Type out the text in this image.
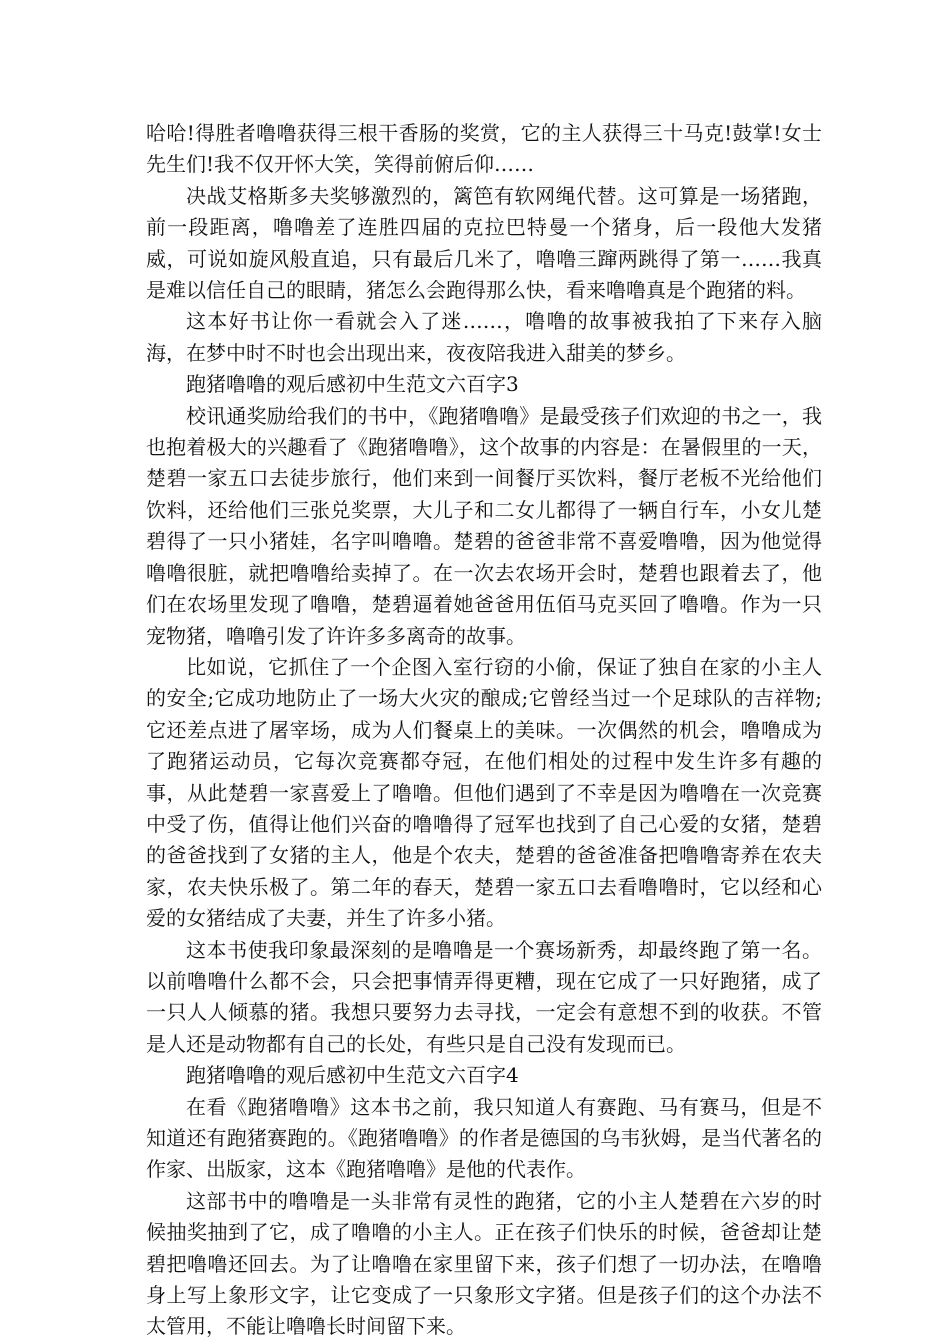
哈哈!得胜者噜噜获得三根干香肠的奖赏，它的主人获得三十马克!鼓掌!女士先生们!我不仅开怀大笑，笑得前俯后仰……

决战艾格斯多夫奖够激烈的，篱笆有软网绳代替。这可算是一场猪跑，前一段距离，噜噜差了连胜四届的克拉巴特曼一个猪身，后一段他大发猪威，可说如旋风般直追，只有最后几米了，噜噜三蹿两跳得了第一……我真是难以信任自己的眼睛，猪怎么会跑得那么快，看来噜噜真是个跑猪的料。

这本好书让你一看就会入了迷……，噜噜的故事被我拍了下来存入脑海，在梦中时不时也会出现出来，夜夜陪我进入甜美的梦乡。

跑猪噜噜的观后感初中生范文六百字3

校讯通奖励给我们的书中，《跑猪噜噜》是最受孩子们欢迎的书之一，我也抱着极大的兴趣看了《跑猪噜噜》，这个故事的内容是：在暑假里的一天，楚碧一家五口去徒步旅行，他们来到一间餐厅买饮料，餐厅老板不光给他们饮料，还给他们三张兑奖票，大儿子和二女儿都得了一辆自行车，小女儿楚碧得了一只小猪娃，名字叫噜噜。楚碧的爸爸非常不喜爱噜噜，因为他觉得噜噜很脏，就把噜噜给卖掉了。在一次去农场开会时，楚碧也跟着去了，他们在农场里发现了噜噜，楚碧逼着她爸爸用伍佰马克买回了噜噜。作为一只宠物猪，噜噜引发了许许多多离奇的故事。

比如说，它抓住了一个企图入室行窃的小偷，保证了独自在家的小主人的安全;它成功地防止了一场大火灾的酿成;它曾经当过一个足球队的吉祥物;它还差点进了屠宰场，成为人们餐桌上的美味。一次偶然的机会，噜噜成为了跑猪运动员，它每次竞赛都夺冠，在他们相处的过程中发生许多有趣的事，从此楚碧一家喜爱上了噜噜。但他们遇到了不幸是因为噜噜在一次竞赛中受了伤，值得让他们兴奋的噜噜得了冠军也找到了自己心爱的女猪，楚碧的爸爸找到了女猪的主人，他是个农夫，楚碧的爸爸准备把噜噜寄养在农夫家，农夫快乐极了。第二年的春天，楚碧一家五口去看噜噜时，它以经和心爱的女猪结成了夫妻，并生了许多小猪。

这本书使我印象最深刻的是噜噜是一个赛场新秀，却最终跑了第一名。以前噜噜什么都不会，只会把事情弄得更糟，现在它成了一只好跑猪，成了一只人人倾慕的猪。我想只要努力去寻找，一定会有意想不到的收获。不管是人还是动物都有自己的长处，有些只是自己没有发现而已。

跑猪噜噜的观后感初中生范文六百字4

在看《跑猪噜噜》这本书之前，我只知道人有赛跑、马有赛马，但是不知道还有跑猪赛跑的。《跑猪噜噜》的作者是德国的乌韦狄姆，是当代著名的作家、出版家，这本《跑猪噜噜》是他的代表作。

这部书中的噜噜是一头非常有灵性的跑猪，它的小主人楚碧在六岁的时候抽奖抽到了它，成了噜噜的小主人。正在孩子们快乐的时候，爸爸却让楚碧把噜噜还回去。为了让噜噜在家里留下来，孩子们想了一切办法，在噜噜身上写上象形文字，让它变成了一只象形文字猪。但是孩子们的这个办法不太管用，不能让噜噜长时间留下来。
